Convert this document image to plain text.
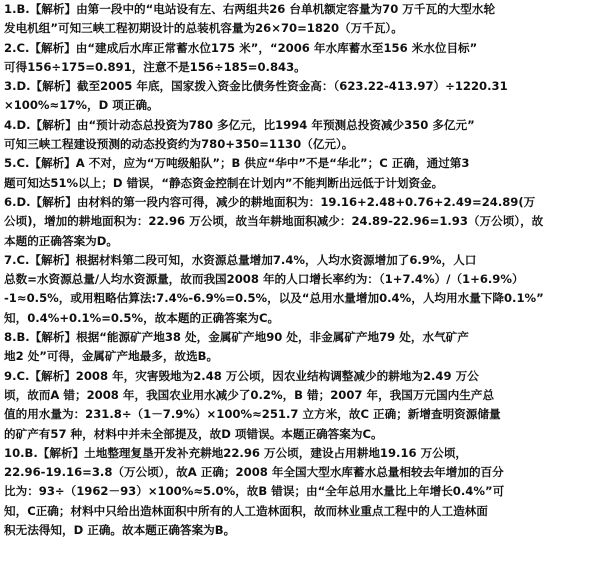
1.B.【解析】由第一段中的“电站设有左、右两组共26 台单机额定容量为70 万千瓦的大型水轮
发电机组”可知三峡工程初期设计的总装机容量为26×70=1820（万千瓦）。
2.C.【解析】由“建成后水库正常蓄水位175 米”，“2006 年水库蓄水至156 米水位目标”
可得156÷175=0.891，注意不是156÷185=0.843。
3.D.【解析】截至2005 年底，国家拨入资金比债务性资金高：（623.22-413.97）÷1220.31
×100%≈17%，D 项正确。
4.D.【解析】由“预计动态总投资为780 多亿元，比1994 年预测总投资减少350 多亿元”
可知三峡工程建设预测的动态投资约为780+350=1130（亿元）。
5.C.【解析】A 不对，应为“万吨级船队”；B 供应“华中”不是“华北”；C 正确，通过第3
题可知达51%以上；D 错误，“静态资金控制在计划内”不能判断出远低于计划资金。
6.D.【解析】由材料的第一段内容可得，减少的耕地面积为：19.16+2.48+0.76+2.49=24.89(万
公顷)，增加的耕地面积为：22.96 万公顷，故当年耕地面积减少：24.89-22.96=1.93（万公顷），故
本题的正确答案为D。
7.C.【解析】根据材料第二段可知，水资源总量增加7.4%，人均水资源增加了6.9%，人口
总数=水资源总量/人均水资源量，故而我国2008 年的人口增长率约为：（1+7.4%）/（1+6.9%）
-1≈0.5%，或用粗略估算法:7.4%-6.9%=0.5%，以及“总用水量增加0.4%，人均用水量下降0.1%”
知，0.4%+0.1%=0.5%，故本题的正确答案为C。
8.B.【解析】根据“能源矿产地38 处，金属矿产地90 处，非金属矿产地79 处，水气矿产
地2 处”可得，金属矿产地最多，故选B。
9.C.【解析】2008 年，灾害毁地为2.48 万公顷，因农业结构调整减少的耕地为2.49 万公
顷，故而A 错；2008 年，我国农业用水减少了0.2%，B 错；2007 年，我国万元国内生产总
值的用水量为：231.8÷（1－7.9%）×100%≈251.7 立方米，故C 正确；新增查明资源储量
的矿产有57 种，材料中并未全部提及，故D 项错误。本题正确答案为C。
10.B.【解析】土地整理复垦开发补充耕地22.96 万公顷，建设占用耕地19.16 万公顷，
22.96-19.16=3.8（万公顷），故A 正确；2008 年全国大型水库蓄水总量相较去年增加的百分
比为：93÷（1962－93）×100%≈5.0%，故B 错误；由“全年总用水量比上年增长0.4%”可
知，C正确；材料中只给出造林面积中所有的人工造林面积，故而林业重点工程中的人工造林面
积无法得知，D 正确。故本题正确答案为B。
